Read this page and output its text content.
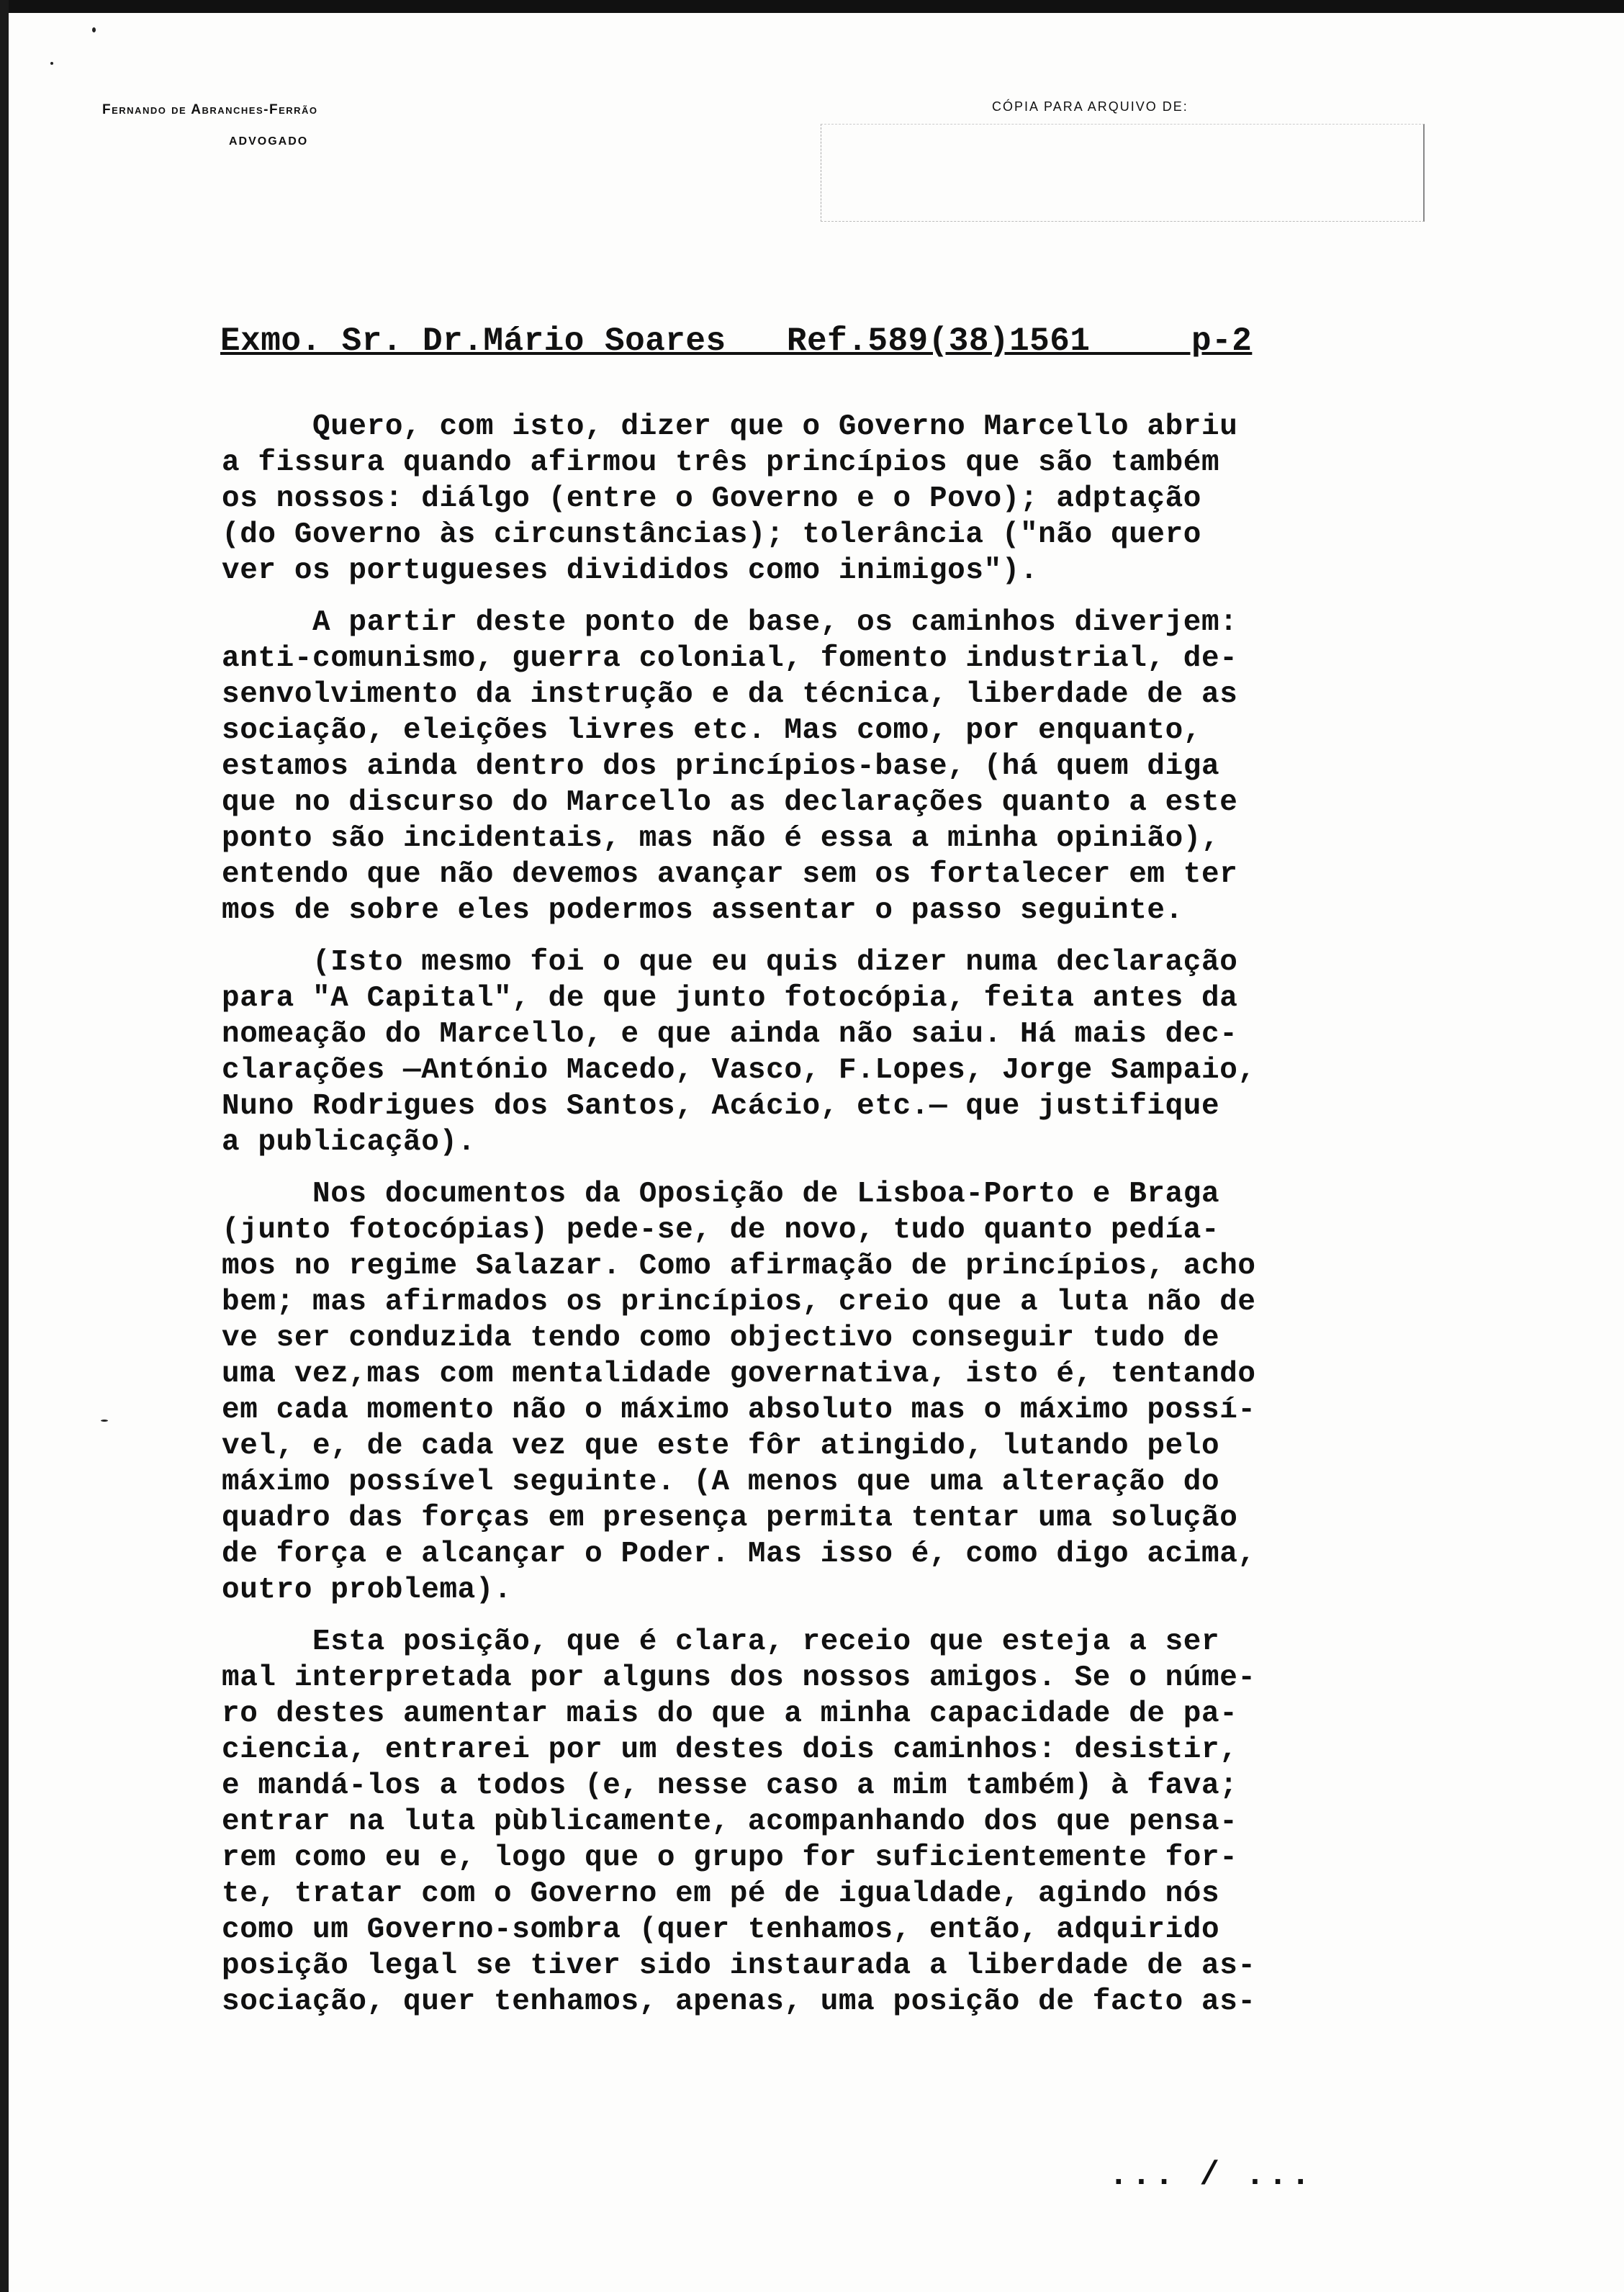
Fernando de Abranches-Ferrão
ADVOGADO
CÓPIA PARA ARQUIVO DE:
Exmo. Sr. Dr.Mário Soares   Ref.589(38)1561     p-2
Quero, com isto, dizer que o Governo Marcello abriu
a fissura quando afirmou três princípios que são também
os nossos: diálgo (entre o Governo e o Povo); adptação
(do Governo às circunstâncias); tolerância ("não quero
ver os portugueses divididos como inimigos").
A partir deste ponto de base, os caminhos diverjem:
anti-comunismo, guerra colonial, fomento industrial, de-
senvolvimento da instrução e da técnica, liberdade de as
sociação, eleições livres etc. Mas como, por enquanto,
estamos ainda dentro dos princípios-base, (há quem diga
que no discurso do Marcello as declarações quanto a este
ponto são incidentais, mas não é essa a minha opinião),
entendo que não devemos avançar sem os fortalecer em ter
mos de sobre eles podermos assentar o passo seguinte.
(Isto mesmo foi o que eu quis dizer numa declaração
para "A Capital", de que junto fotocópia, feita antes da
nomeação do Marcello, e que ainda não saiu. Há mais dec-
clarações —António Macedo, Vasco, F.Lopes, Jorge Sampaio,
Nuno Rodrigues dos Santos, Acácio, etc.— que justifique
a publicação).
Nos documentos da Oposição de Lisboa-Porto e Braga
(junto fotocópias) pede-se, de novo, tudo quanto pedía-
mos no regime Salazar. Como afirmação de princípios, acho
bem; mas afirmados os princípios, creio que a luta não de
ve ser conduzida tendo como objectivo conseguir tudo de
uma vez,mas com mentalidade governativa, isto é, tentando
em cada momento não o máximo absoluto mas o máximo possí-
vel, e, de cada vez que este fôr atingido, lutando pelo
máximo possível seguinte. (A menos que uma alteração do
quadro das forças em presença permita tentar uma solução
de força e alcançar o Poder. Mas isso é, como digo acima,
outro problema).
Esta posição, que é clara, receio que esteja a ser
mal interpretada por alguns dos nossos amigos. Se o núme-
ro destes aumentar mais do que a minha capacidade de pa-
ciencia, entrarei por um destes dois caminhos: desistir,
e mandá-los a todos (e, nesse caso a mim também) à fava;
entrar na luta pùblicamente, acompanhando dos que pensa-
rem como eu e, logo que o grupo for suficientemente for-
te, tratar com o Governo em pé de igualdade, agindo nós
como um Governo-sombra (quer tenhamos, então, adquirido
posição legal se tiver sido instaurada a liberdade de as-
sociação, quer tenhamos, apenas, uma posição de facto as-
... / ...
